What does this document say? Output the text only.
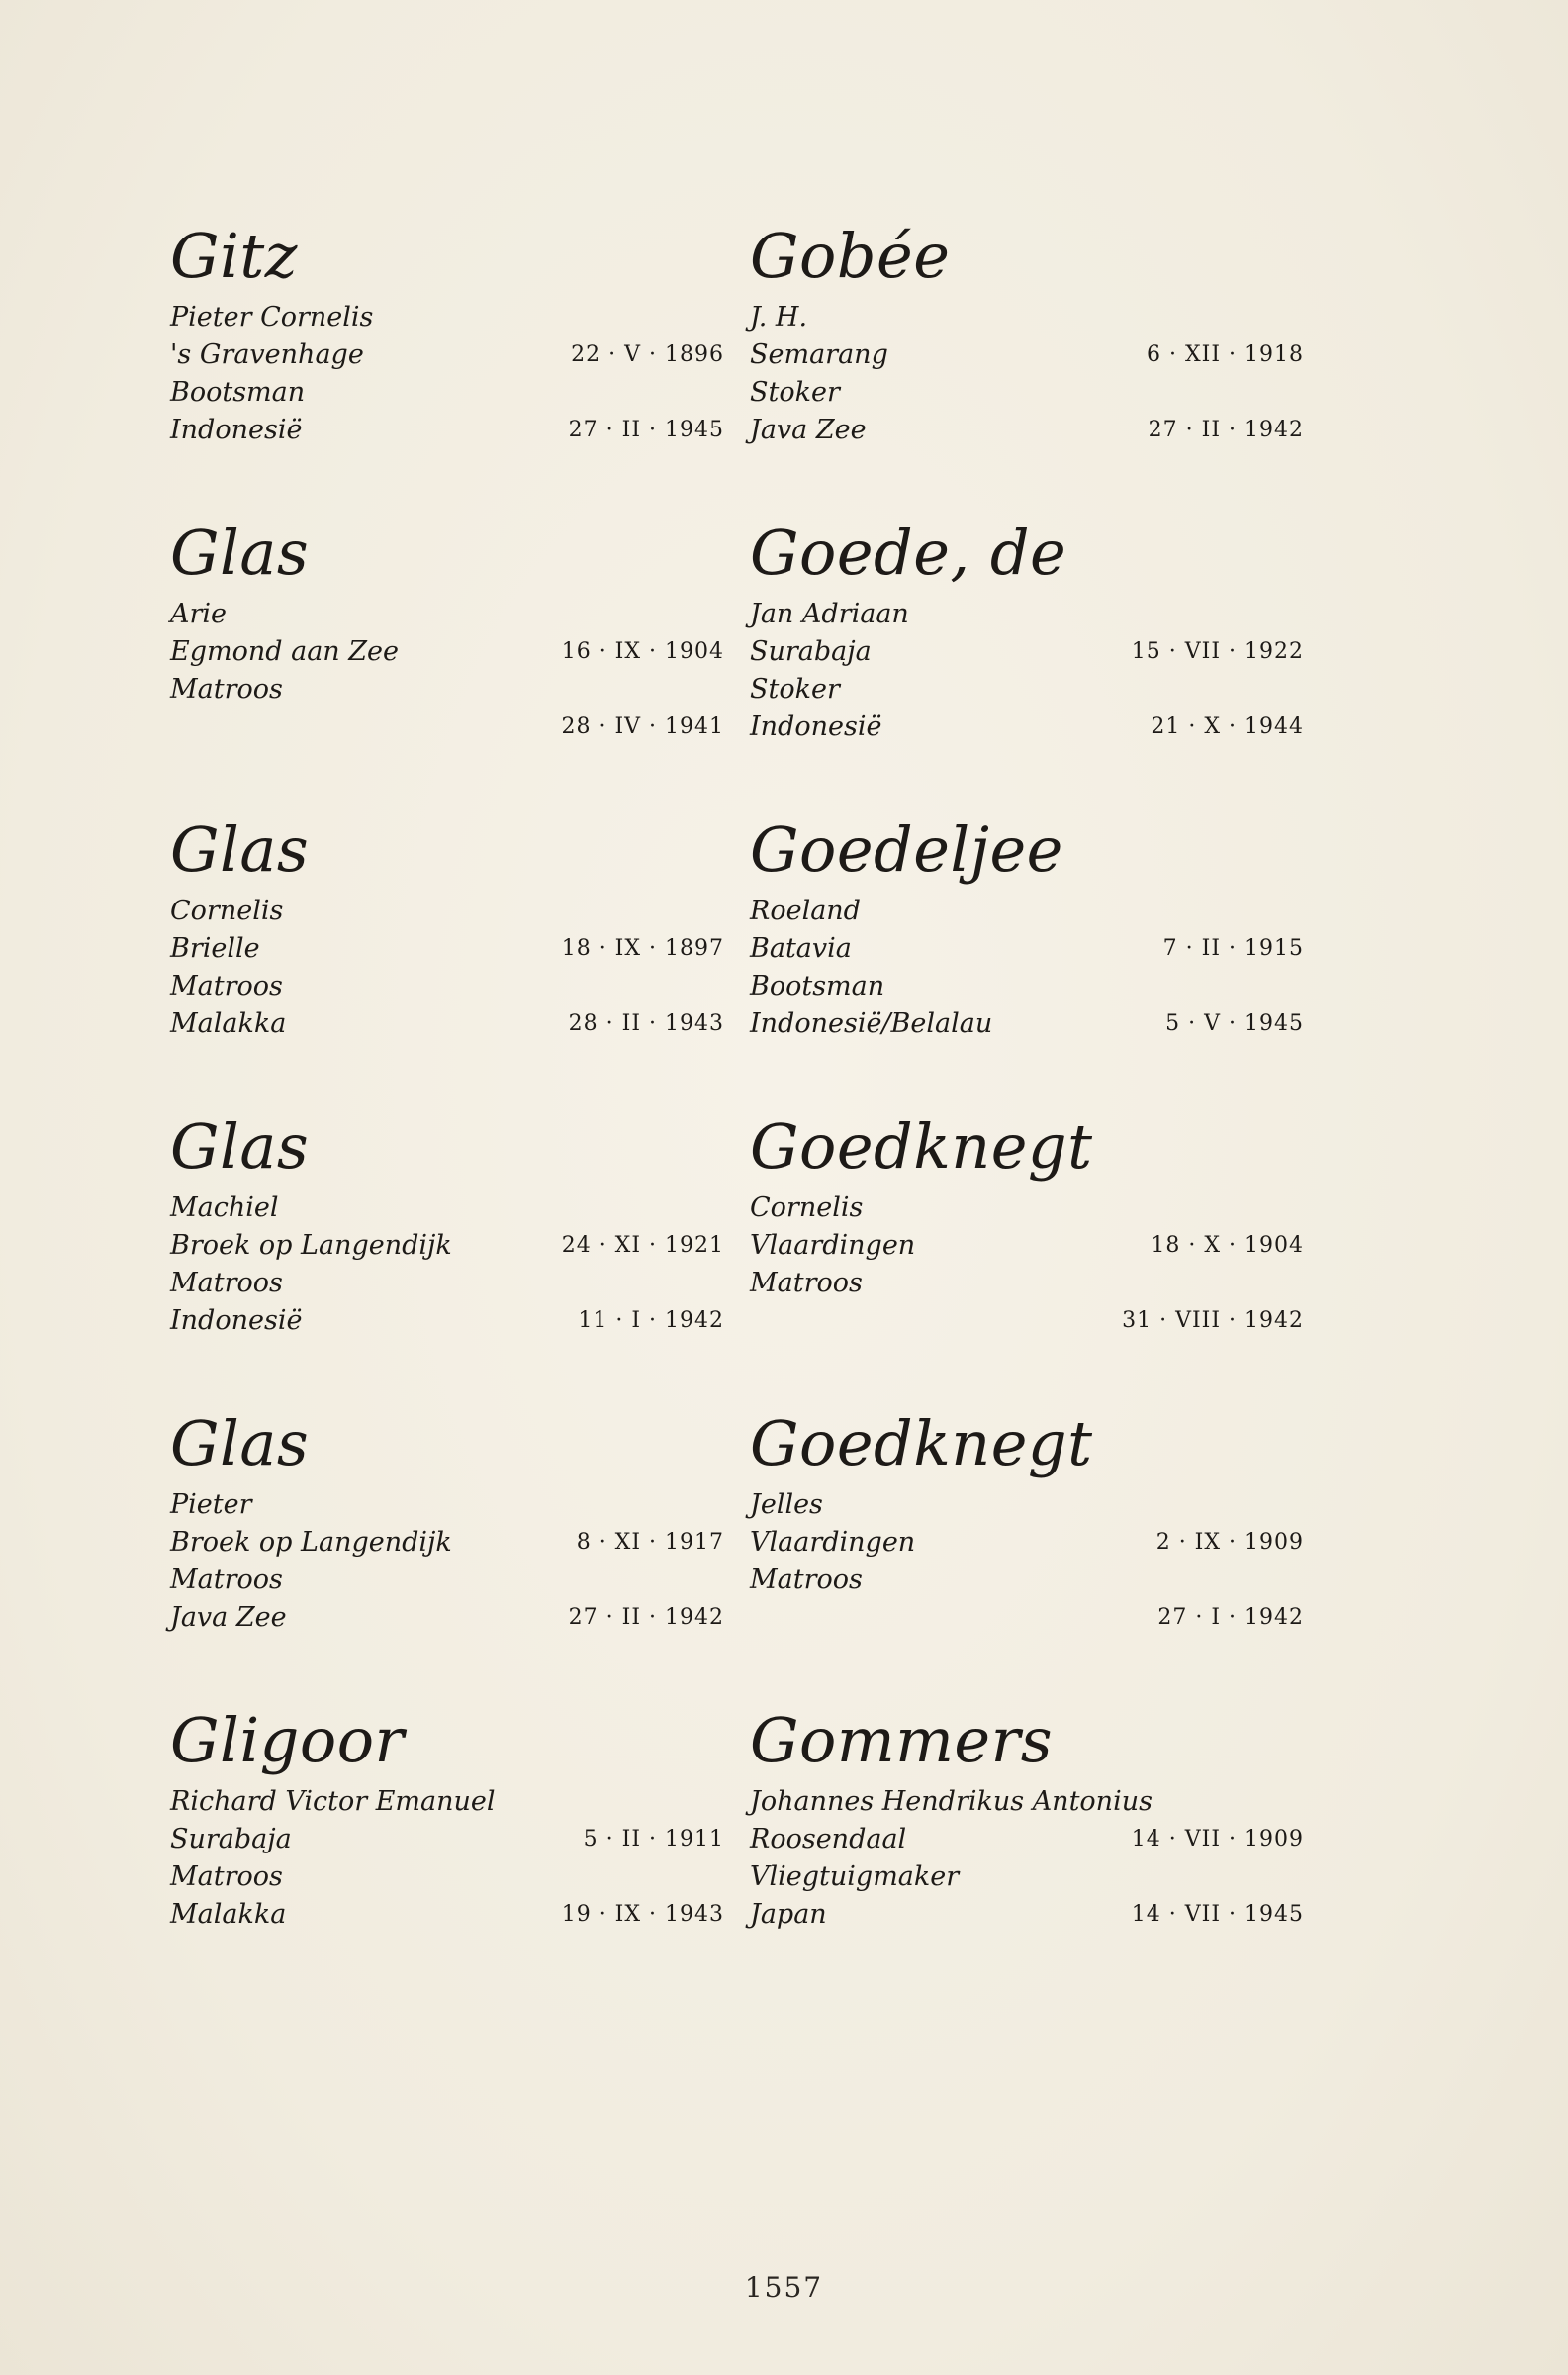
Gitz
Pieter Cornelis
's Gravenhage	22 · V · 1896
Bootsman
Indonesië	27 · II · 1945
Glas
Arie
Egmond aan Zee	16 · IX · 1904
Matroos
28 · IV · 1941
Glas
Cornelis
Brielle	18 · IX · 1897
Matroos
Malakka	28 · II · 1943
Glas
Machiel
Broek op Langendijk	24 · XI · 1921
Matroos
Indonesië	11 · I · 1942
Glas
Pieter
Broek op Langendijk	8 · XI · 1917
Matroos
Java Zee	27 · II · 1942
Gligoor
Richard Victor Emanuel
Surabaja	5 · II · 1911
Matroos
Malakka	19 · IX · 1943
Gobée
J. H.
Semarang	6 · XII · 1918
Stoker
Java Zee	27 · II · 1942
Goede, de
Jan Adriaan
Surabaja	15 · VII · 1922
Stoker
Indonesië	21 · X · 1944
Goedeljee
Roeland
Batavia	7 · II · 1915
Bootsman
Indonesië/Belalau	5 · V · 1945
Goedknegt
Cornelis
Vlaardingen	18 · X · 1904
Matroos
31 · VIII · 1942
Goedknegt
Jelles
Vlaardingen	2 · IX · 1909
Matroos
27 · I · 1942
Gommers
Johannes Hendrikus Antonius
Roosendaal	14 · VII · 1909
Vliegtuigmaker
Japan	14 · VII · 1945
1557
